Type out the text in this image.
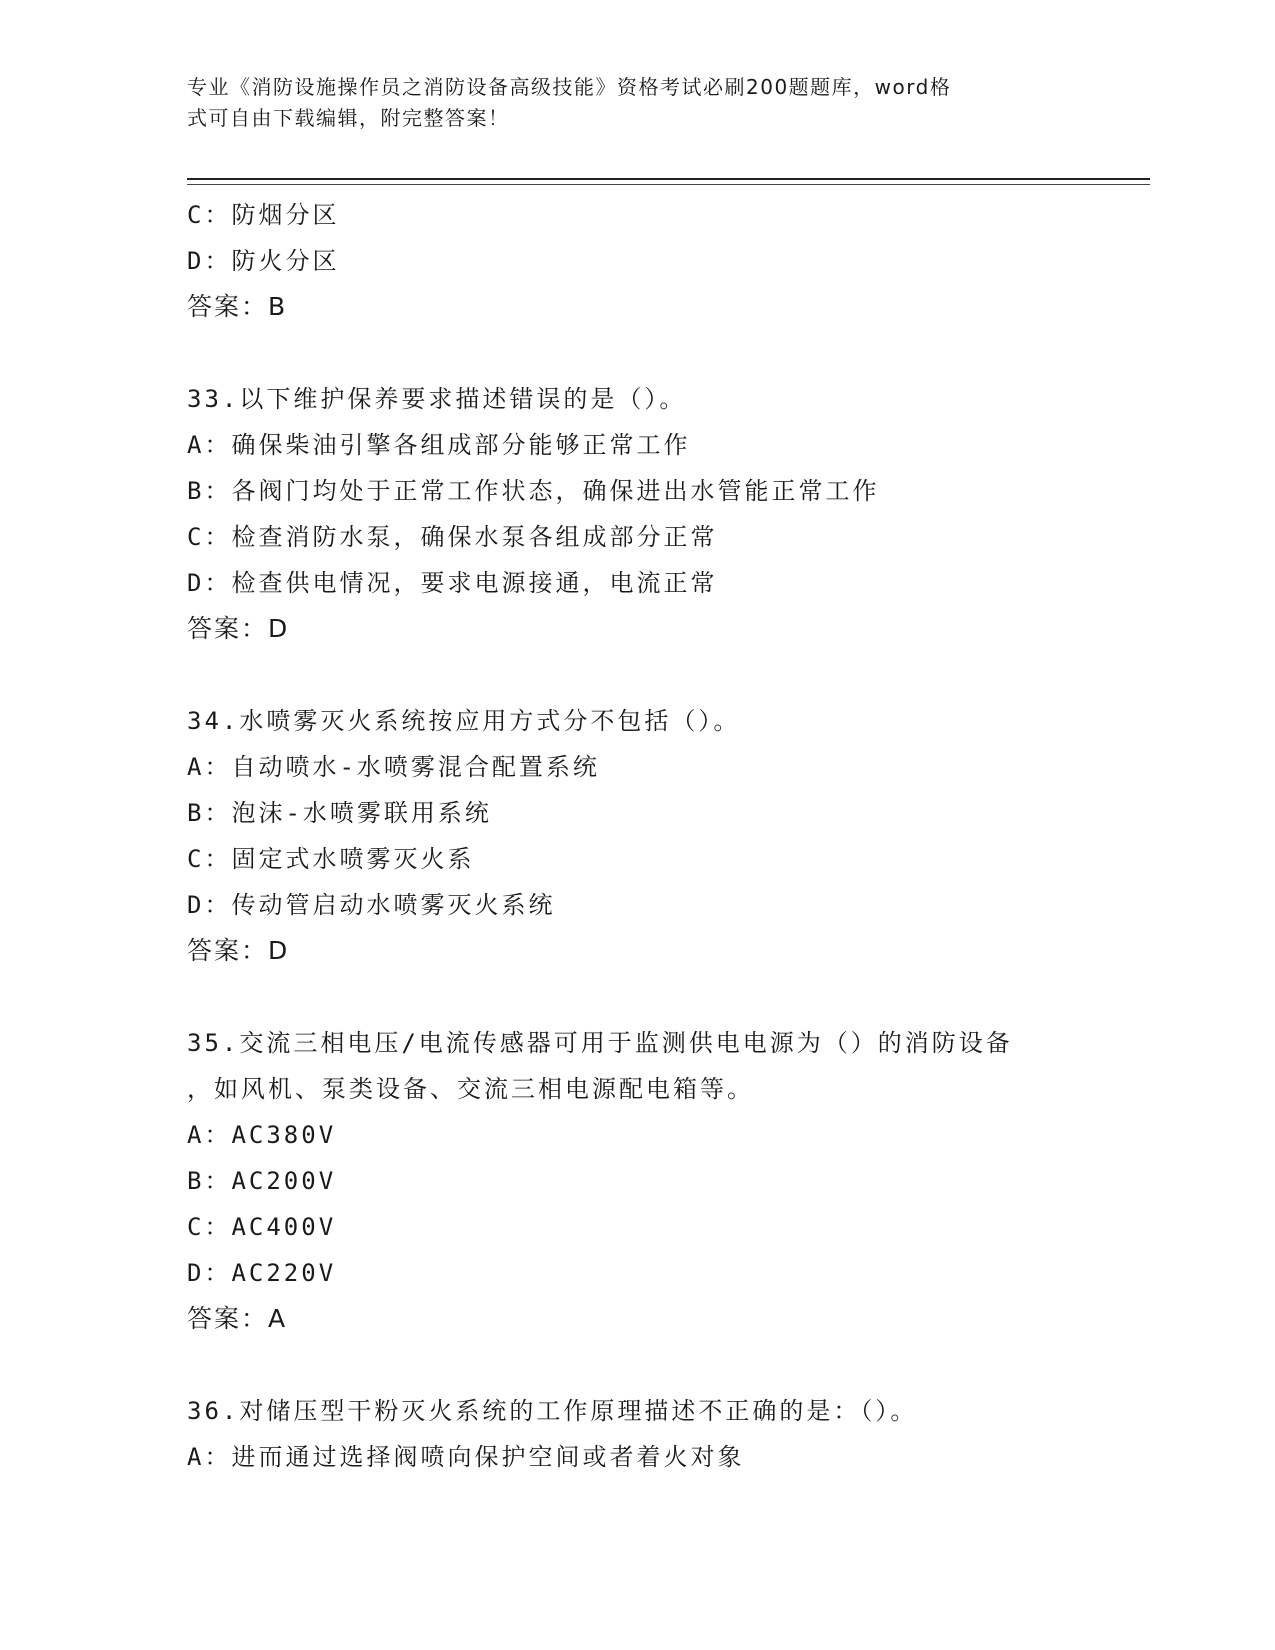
专业《消防设施操作员之消防设备高级技能》资格考试必刷200题题库，word格
式可自由下载编辑，附完整答案！
C：防烟分区
D：防火分区
答案：B
33.以下维护保养要求描述错误的是（）。
A：确保柴油引擎各组成部分能够正常工作
B：各阀门均处于正常工作状态，确保进出水管能正常工作
C：检查消防水泵，确保水泵各组成部分正常
D：检查供电情况，要求电源接通，电流正常
答案：D
34.水喷雾灭火系统按应用方式分不包括（）。
A：自动喷水-水喷雾混合配置系统
B：泡沫-水喷雾联用系统
C：固定式水喷雾灭火系
D：传动管启动水喷雾灭火系统
答案：D
35.交流三相电压/电流传感器可用于监测供电电源为（）的消防设备
，如风机、泵类设备、交流三相电源配电箱等。
A：AC380V
B：AC200V
C：AC400V
D：AC220V
答案：A
36.对储压型干粉灭火系统的工作原理描述不正确的是：（）。
A：进而通过选择阀喷向保护空间或者着火对象
